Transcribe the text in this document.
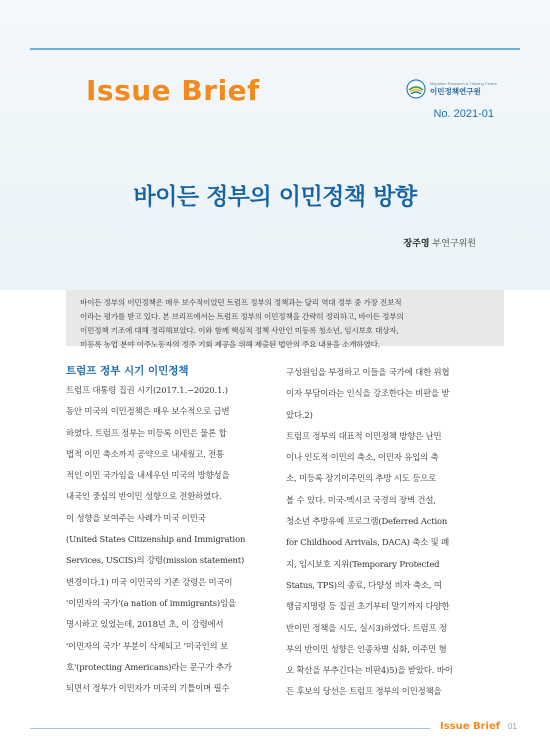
Issue Brief	Migration Research & Training Centre
이민정책연구원
No. 2021-01
바이든 정부의 이민정책 방향
장주영 부연구위원
바이든 정부의 이민정책은 매우 보수적이었던 트럼프 정부의 정책과는 달리 역대 정부 중 가장 진보적
이라는 평가를 받고 있다. 본 브리프에서는 트럼프 정부의 이민정책을 간략히 정리하고, 바이든 정부의
이민정책 기조에 대해 정리해보았다. 이와 함께 핵심적 정책 사안인 미등록 청소년, 임시보호 대상자,
미등록 농업 분야 이주노동자의 정주 기회 제공을 위해 제출된 법안의 주요 내용을 소개하였다.
트럼프 정부 시기 이민정책
트럼프 대통령 집권 시기(2017.1.~2020.1.)
동안 미국의 이민정책은 매우 보수적으로 급변
하였다. 트럼프 정부는 미등록 이민은 물론 합
법적 이민 축소까지 공약으로 내세웠고, 전통
적인 이민 국가임을 내세우던 미국의 방향성을
내국인 중심의 반이민 성향으로 전환하였다.
이 성향을 보여주는 사례가 미국 이민국
(United States Citizenship and Immigration
Services, USCIS)의 강령(mission statement)
변경이다.1) 미국 이민국의 기존 강령은 미국이
'이민자의 국가'(a nation of immigrants)임을
명시하고 있었는데, 2018년 초, 이 강령에서
'이민자의 국가' 부분이 삭제되고 '미국인의 보
호'(protecting Americans)라는 문구가 추가
되면서 정부가 이민자가 미국의 기틀이며 필수
구성원임을 부정하고 이들을 국가에 대한 위협
이자 부담이라는 인식을 강조한다는 비판을 받
았다.2)
트럼프 정부의 대표적 이민정책 방향은 난민
이나 인도적 이민의 축소, 이민자 유입의 축
소, 미등록 장기이주민의 추방 시도 등으로
볼 수 있다. 미국-멕시코 국경의 장벽 건설,
청소년 추방유예 프로그램(Deferred Action
for Childhood Arrivals, DACA) 축소 및 폐
지, 임시보호 지위(Temporary Protected
Status, TPS)의 종료, 다양성 비자 축소, 여
행금지명령 등 집권 초기부터 말기까지 다양한
반이민 정책을 시도, 실시3)하였다. 트럼프 정
부의 반이민 성향은 인종차별 심화, 이주민 혐
오 확산을 부추긴다는 비판4)5)을 받았다. 바이
든 후보의 당선은 트럼프 정부의 이민정책을
Issue Brief 01
